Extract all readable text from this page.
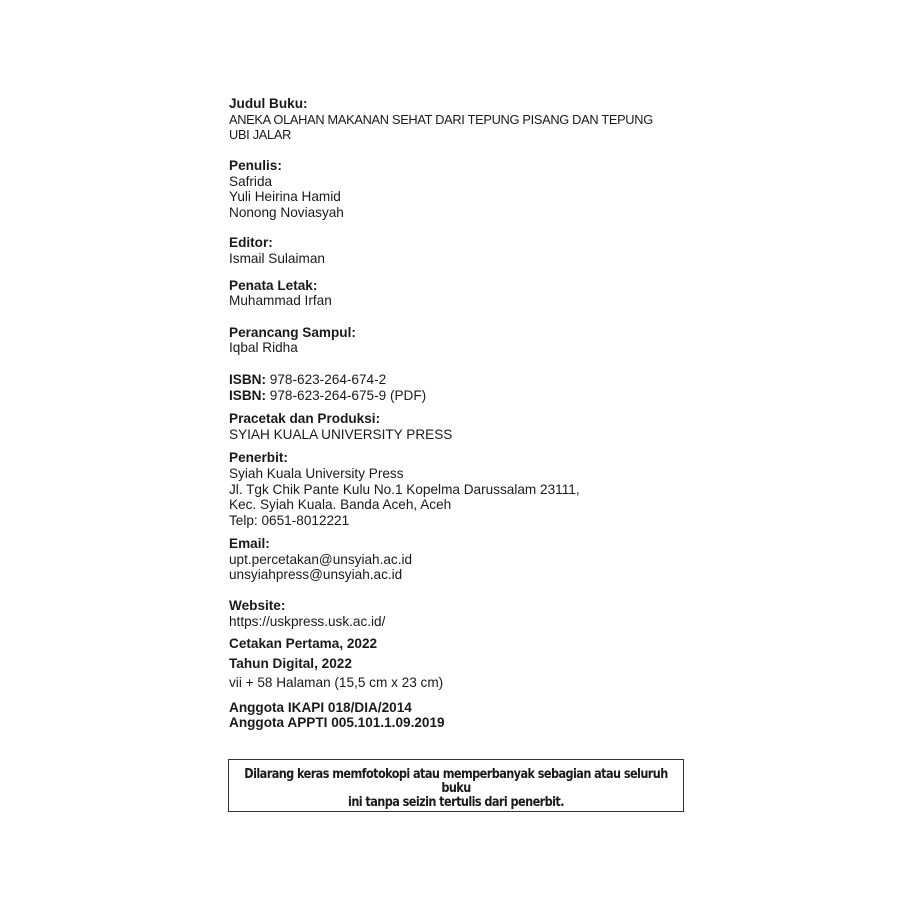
Judul Buku:
ANEKA OLAHAN MAKANAN SEHAT DARI TEPUNG PISANG DAN TEPUNG
UBI JALAR
Penulis:
Safrida
Yuli Heirina Hamid
Nonong Noviasyah
Editor:
Ismail Sulaiman
Penata Letak:
Muhammad Irfan
Perancang Sampul:
Iqbal Ridha
ISBN: 978-623-264-674-2
ISBN: 978-623-264-675-9 (PDF)
Pracetak dan Produksi:
SYIAH KUALA UNIVERSITY PRESS
Penerbit:
Syiah Kuala University Press
Jl. Tgk Chik Pante Kulu No.1 Kopelma Darussalam 23111,
Kec. Syiah Kuala. Banda Aceh, Aceh
Telp: 0651-8012221
Email:
upt.percetakan@unsyiah.ac.id
unsyiahpress@unsyiah.ac.id
Website:
https://uskpress.usk.ac.id/
Cetakan Pertama, 2022
Tahun Digital, 2022
vii + 58 Halaman (15,5 cm x 23 cm)
Anggota IKAPI 018/DIA/2014
Anggota APPTI 005.101.1.09.2019
Dilarang keras memfotokopi atau memperbanyak sebagian atau seluruh buku
ini tanpa seizin tertulis dari penerbit.
